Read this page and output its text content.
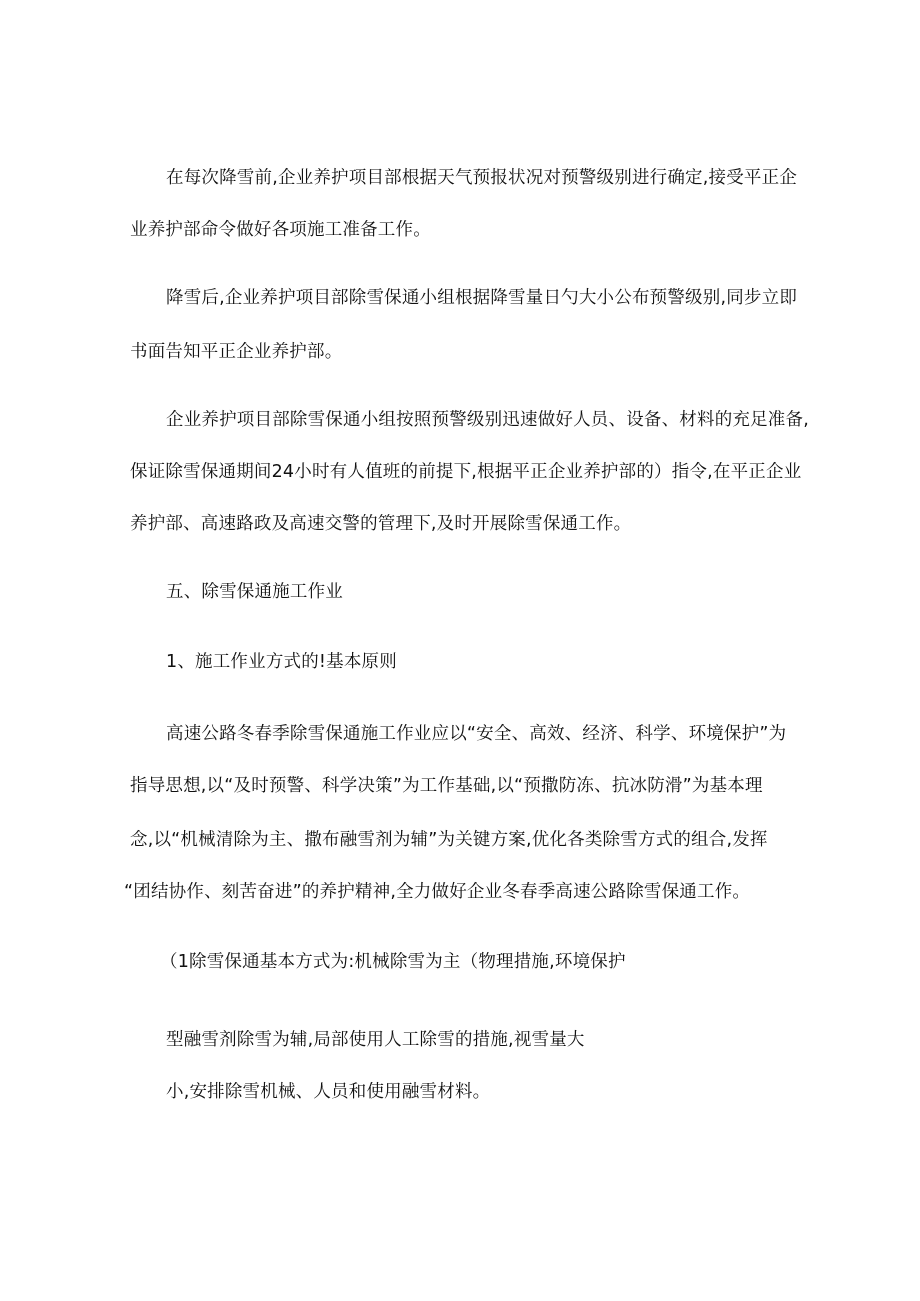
在每次降雪前,企业养护项目部根据天气预报状况对预警级别进行确定,接受平正企
业养护部命令做好各项施工准备工作。
降雪后,企业养护项目部除雪保通小组根据降雪量日勺大小公布预警级别,同步立即
书面告知平正企业养护部。
企业养护项目部除雪保通小组按照预警级别迅速做好人员、设备、材料的充足准备,
保证除雪保通期间24小时有人值班的前提下,根据平正企业养护部的）指令,在平正企业
养护部、高速路政及高速交警的管理下,及时开展除雪保通工作。
五、除雪保通施工作业
1、施工作业方式的!基本原则
高速公路冬春季除雪保通施工作业应以“安全、高效、经济、科学、环境保护”为
指导思想,以“及时预警、科学决策”为工作基础,以“预撒防冻、抗冰防滑”为基本理
念,以“机械清除为主、撒布融雪剂为辅”为关键方案,优化各类除雪方式的组合,发挥
“团结协作、刻苦奋进”的养护精神,全力做好企业冬春季高速公路除雪保通工作。
（1除雪保通基本方式为:机械除雪为主（物理措施,环境保护
型融雪剂除雪为辅,局部使用人工除雪的措施,视雪量大
小,安排除雪机械、人员和使用融雪材料。
